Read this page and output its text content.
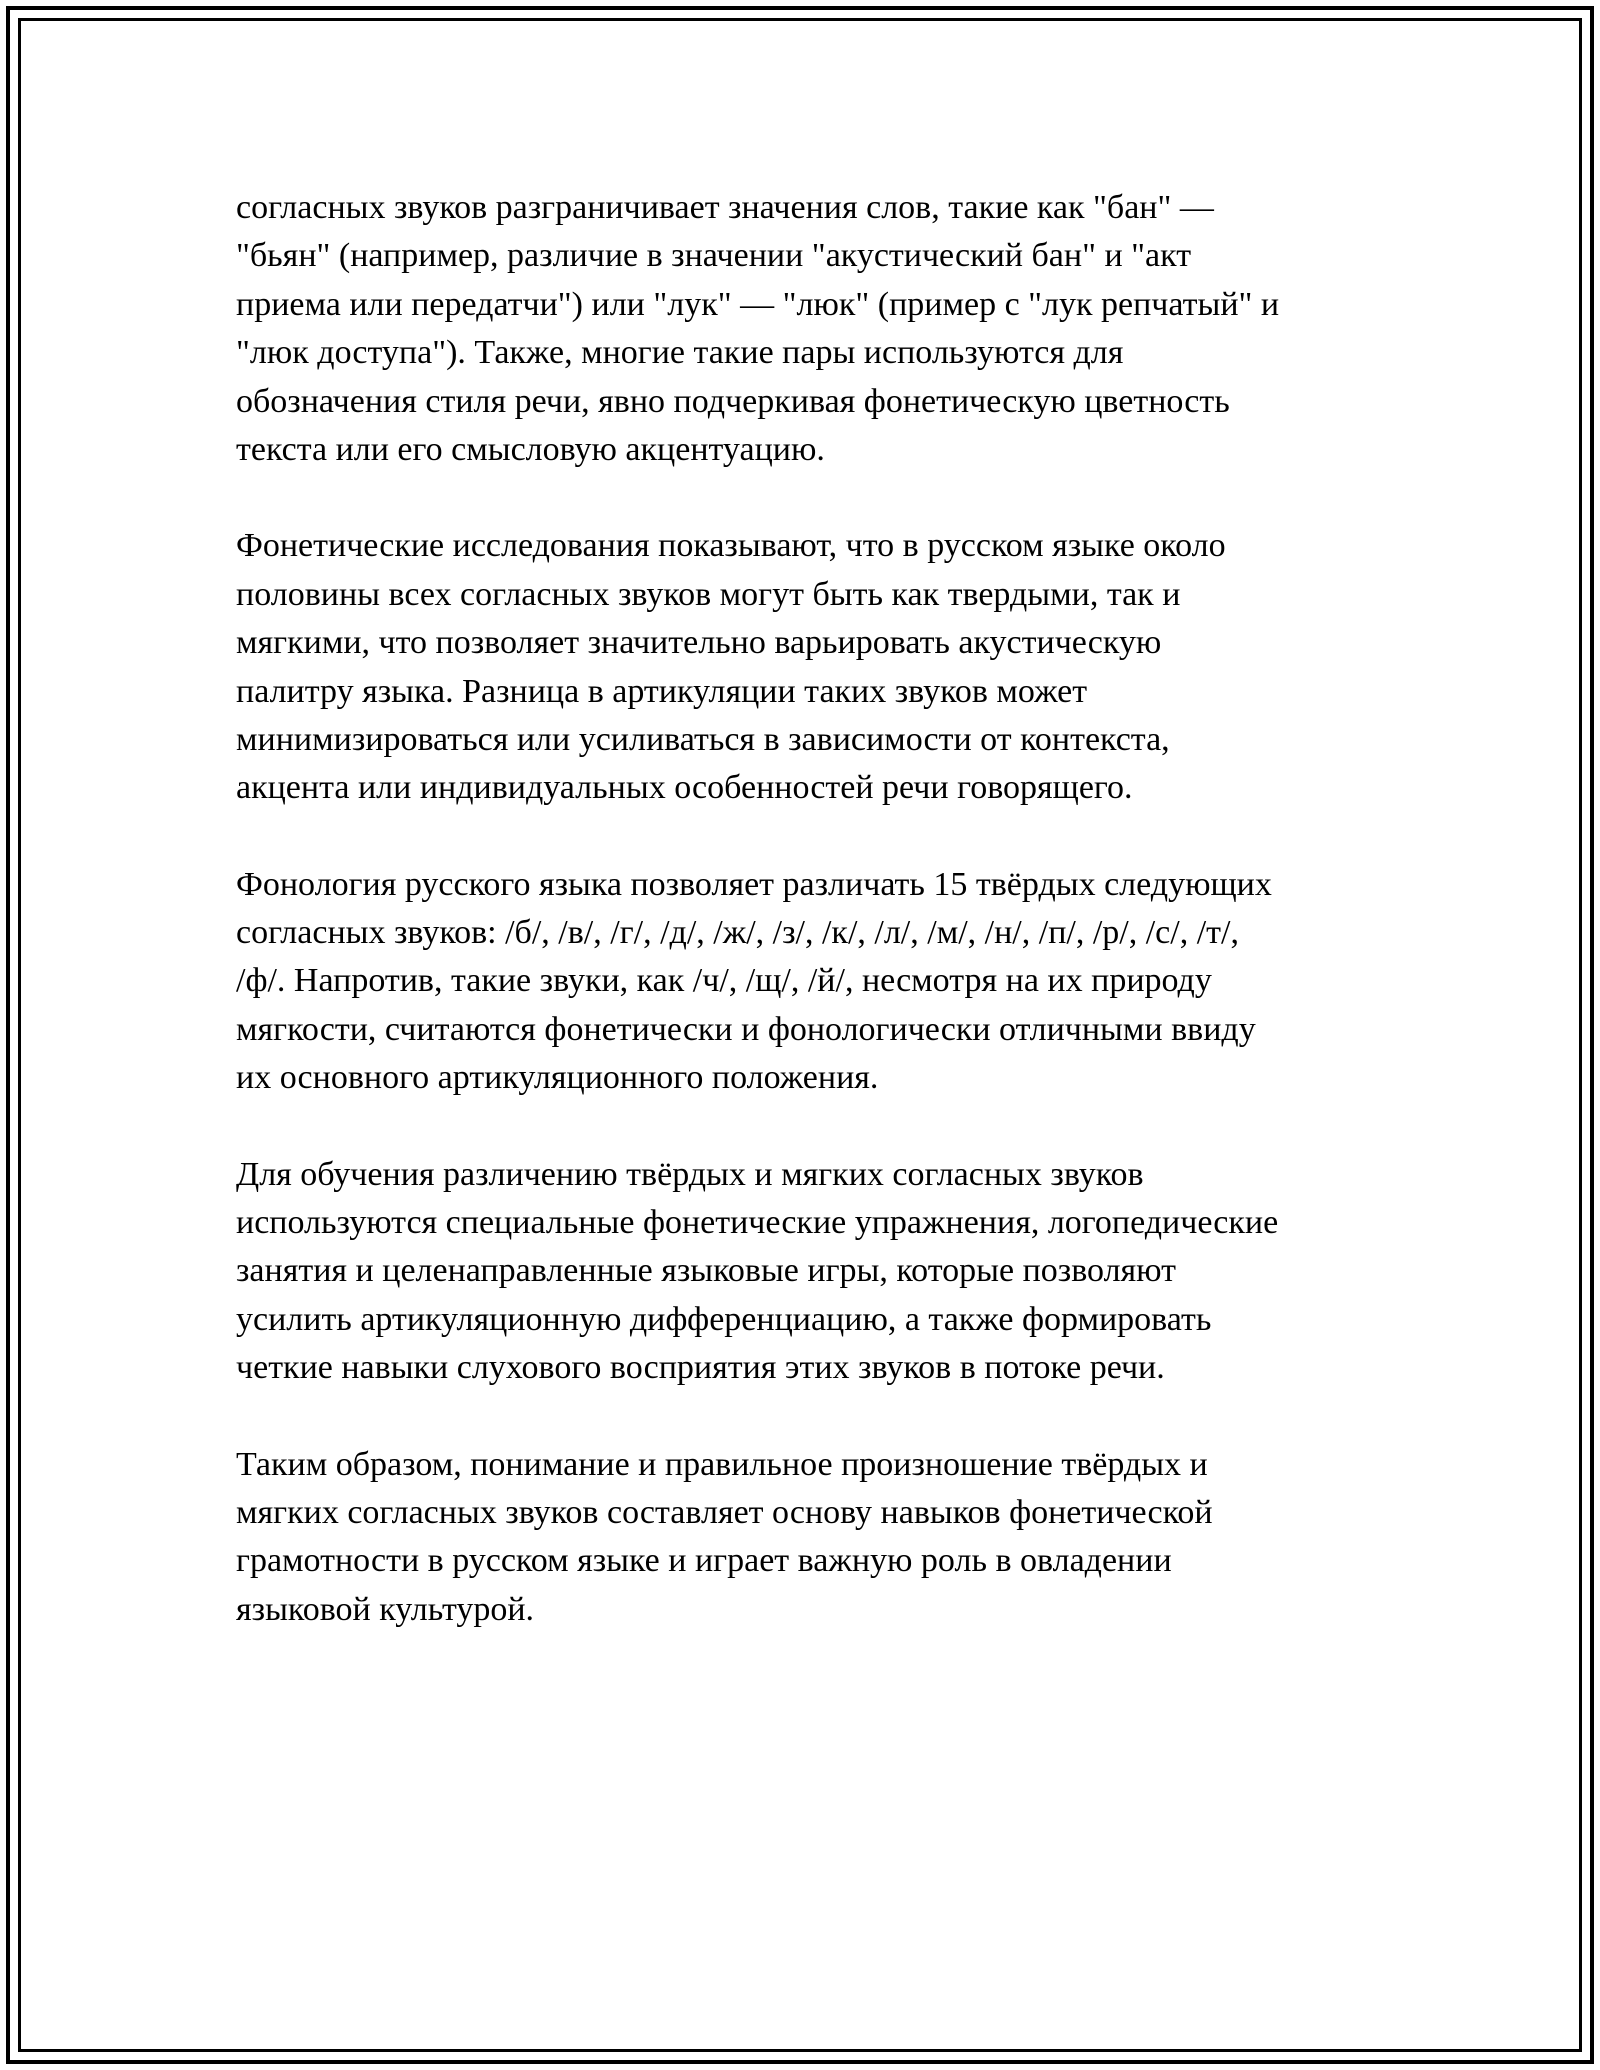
согласных звуков разграничивает значения слов, такие как "бан" —
"бьян" (например, различие в значении "акустический бан" и "акт
приема или передатчи") или "лук" — "люк" (пример с "лук репчатый" и
"люк доступа"). Также, многие такие пары используются для
обозначения стиля речи, явно подчеркивая фонетическую цветность
текста или его смысловую акцентуацию.

Фонетические исследования показывают, что в русском языке около
половины всех согласных звуков могут быть как твердыми, так и
мягкими, что позволяет значительно варьировать акустическую
палитру языка. Разница в артикуляции таких звуков может
минимизироваться или усиливаться в зависимости от контекста,
акцента или индивидуальных особенностей речи говорящего.

Фонология русского языка позволяет различать 15 твёрдых следующих
согласных звуков: /б/, /в/, /г/, /д/, /ж/, /з/, /к/, /л/, /м/, /н/, /п/, /р/, /с/, /т/,
/ф/. Напротив, такие звуки, как /ч/, /щ/, /й/, несмотря на их природу
мягкости, считаются фонетически и фонологически отличными ввиду
их основного артикуляционного положения.

Для обучения различению твёрдых и мягких согласных звуков
используются специальные фонетические упражнения, логопедические
занятия и целенаправленные языковые игры, которые позволяют
усилить артикуляционную дифференциацию, а также формировать
четкие навыки слухового восприятия этих звуков в потоке речи.

Таким образом, понимание и правильное произношение твёрдых и
мягких согласных звуков составляет основу навыков фонетической
грамотности в русском языке и играет важную роль в овладении
языковой культурой.
